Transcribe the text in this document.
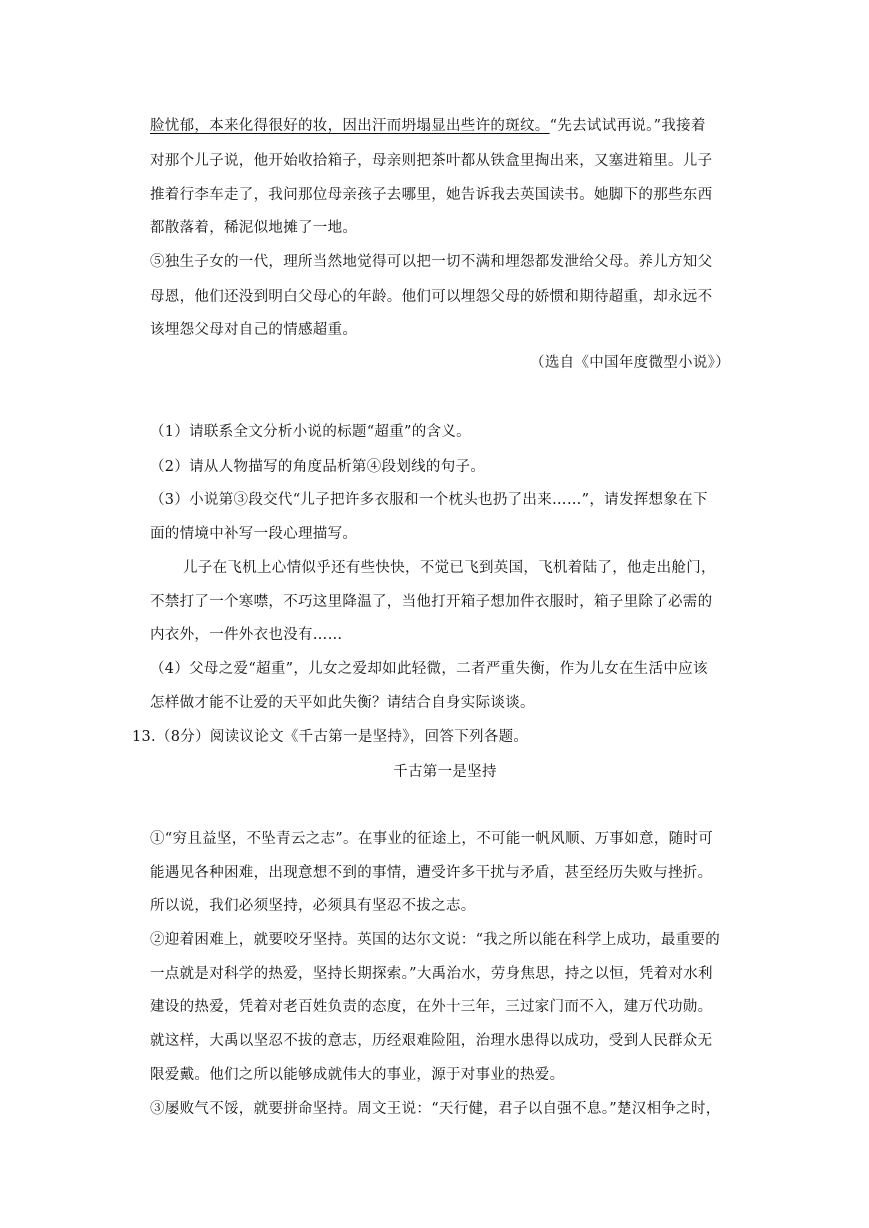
脸忧郁，本来化得很好的妆，因出汗而坍塌显出些许的斑纹。“先去试试再说。”我接着
对那个儿子说，他开始收拾箱子，母亲则把茶叶都从铁盒里掏出来，又塞进箱里。儿子
推着行李车走了，我问那位母亲孩子去哪里，她告诉我去英国读书。她脚下的那些东西
都散落着，稀泥似地摊了一地。
⑤独生子女的一代，理所当然地觉得可以把一切不满和埋怨都发泄给父母。养儿方知父
母恩，他们还没到明白父母心的年龄。他们可以埋怨父母的娇惯和期待超重，却永远不
该埋怨父母对自己的情感超重。
（选自《中国年度微型小说》）
（1）请联系全文分析小说的标题“超重”的含义。
（2）请从人物描写的角度品析第④段划线的句子。
（3）小说第③段交代“儿子把许多衣服和一个枕头也扔了出来……”，请发挥想象在下
面的情境中补写一段心理描写。
儿子在飞机上心情似乎还有些快快，不觉已飞到英国，飞机着陆了，他走出舱门，
不禁打了一个寒噤，不巧这里降温了，当他打开箱子想加件衣服时，箱子里除了必需的
内衣外，一件外衣也没有……
（4）父母之爱“超重”，儿女之爱却如此轻微，二者严重失衡，作为儿女在生活中应该
怎样做才能不让爱的天平如此失衡？请结合自身实际谈谈。
13.（8分）阅读议论文《千古第一是坚持》，回答下列各题。
千古第一是坚持
①“穷且益坚，不坠青云之志”。在事业的征途上，不可能一帆风顺、万事如意，随时可
能遇见各种困难，出现意想不到的事情，遭受许多干扰与矛盾，甚至经历失败与挫折。
所以说，我们必须坚持，必须具有坚忍不拔之志。
②迎着困难上，就要咬牙坚持。英国的达尔文说：“我之所以能在科学上成功，最重要的
一点就是对科学的热爱，坚持长期探索。”大禹治水，劳身焦思，持之以恒，凭着对水利
建设的热爱，凭着对老百姓负责的态度，在外十三年，三过家门而不入，建万代功勋。
就这样，大禹以坚忍不拔的意志，历经艰难险阻，治理水患得以成功，受到人民群众无
限爱戴。他们之所以能够成就伟大的事业，源于对事业的热爱。
③屡败气不馁，就要拼命坚持。周文王说：“天行健，君子以自强不息。”楚汉相争之时，
